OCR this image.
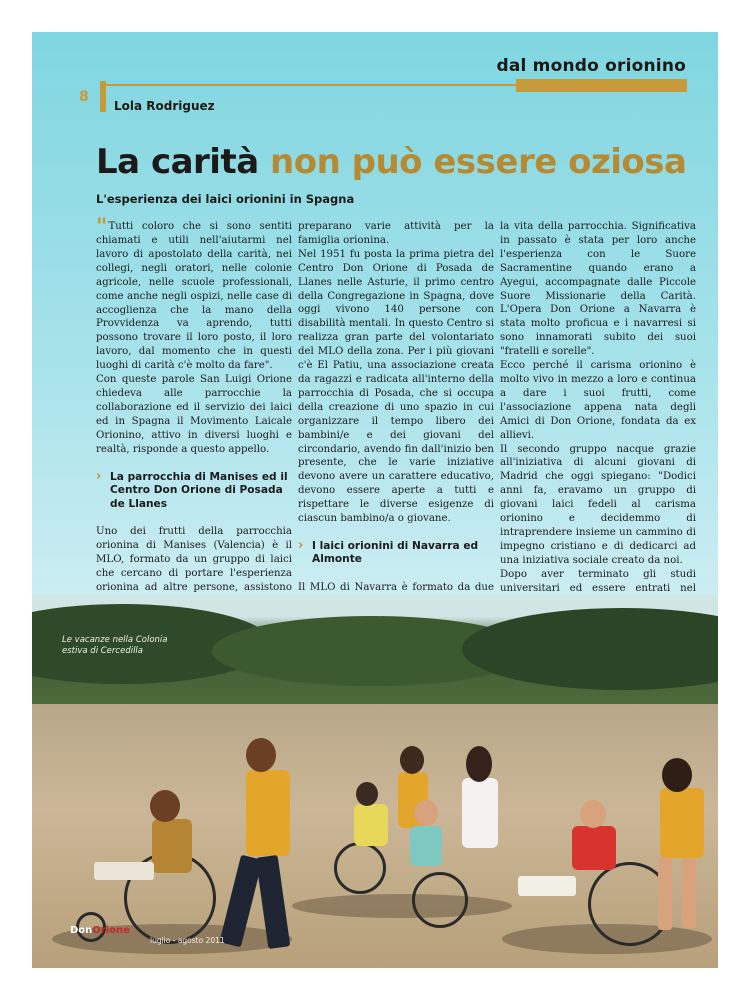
dal mondo orionino
8
Lola Rodriguez
La carità non può essere oziosa
L'esperienza dei laici orionini in Spagna

"Tutti coloro che si sono sentiti chiamati e utili nell'aiutarmi nel lavoro di apostolato della carità, nei collegi, negli oratori, nelle colonie agricole, nelle scuole professionali, come anche negli ospizi, nelle case di accoglienza che la mano della Provvidenza va aprendo, tutti possono trovare il loro posto, il loro lavoro, dal momento che in questi luoghi di carità c'è molto da fare".

Con queste parole San Luigi Orione chiedeva alle parrocchie la collaborazione ed il servizio dei laici ed in Spagna il Movimento Laicale Orionino, attivo in diversi luoghi e realtà, risponde a questo appello.

› La parrocchia di Manises ed il Centro Don Orione di Posada de Llanes

Uno dei frutti della parrocchia orionina di Manises (Valencia) è il MLO, formato da un gruppo di laici che cercano di portare l'esperienza orionina ad altre persone, assistono

preparano varie attività per la famiglia orionina.

Nel 1951 fu posta la prima pietra del Centro Don Orione di Posada de Llanes nelle Asturie, il primo centro della Congregazione in Spagna, dove oggi vivono 140 persone con disabilità mentali. In questo Centro si realizza gran parte del volontariato del MLO della zona. Per i più giovani c'è El Patiu, una associazione creata da ragazzi e radicata all'interno della parrocchia di Posada, che si occupa della creazione di uno spazio in cui organizzare il tempo libero dei bambini/e e dei giovani del circondario, avendo fin dall'inizio ben presente, che le varie iniziative devono avere un carattere educativo, devono essere aperte a tutti e rispettare le diverse esigenze di ciascun bambino/a o giovane.

› I laici orionini di Navarra ed Almonte

Il MLO di Navarra è formato da due

la vita della parrocchia. Significativa in passato è stata per loro anche l'esperienza con le Suore Sacramentine quando erano a Ayegui, accompagnate dalle Piccole Suore Missionarie della Carità. L'Opera Don Orione a Navarra è stata molto proficua e i navarresi si sono innamorati subito dei suoi "fratelli e sorelle".

Ecco perché il carisma orionino è molto vivo in mezzo a loro e continua a dare i suoi frutti, come l'associazione appena nata degli Amici di Don Orione, fondata da ex allievi.

Il secondo gruppo nacque grazie all'iniziativa di alcuni giovani di Madrid che oggi spiegano: "Dodici anni fa, eravamo un gruppo di giovani laici fedeli al carisma orionino e decidemmo di intraprendere insieme un cammino di impegno cristiano e di dedicarci ad una iniziativa sociale creato da noi.

Dopo aver terminato gli studi universitari ed essere entrati nel

Le vacanze nella Colonia
estiva di Cercedilla
DonOrione
luglio - agosto 2011
